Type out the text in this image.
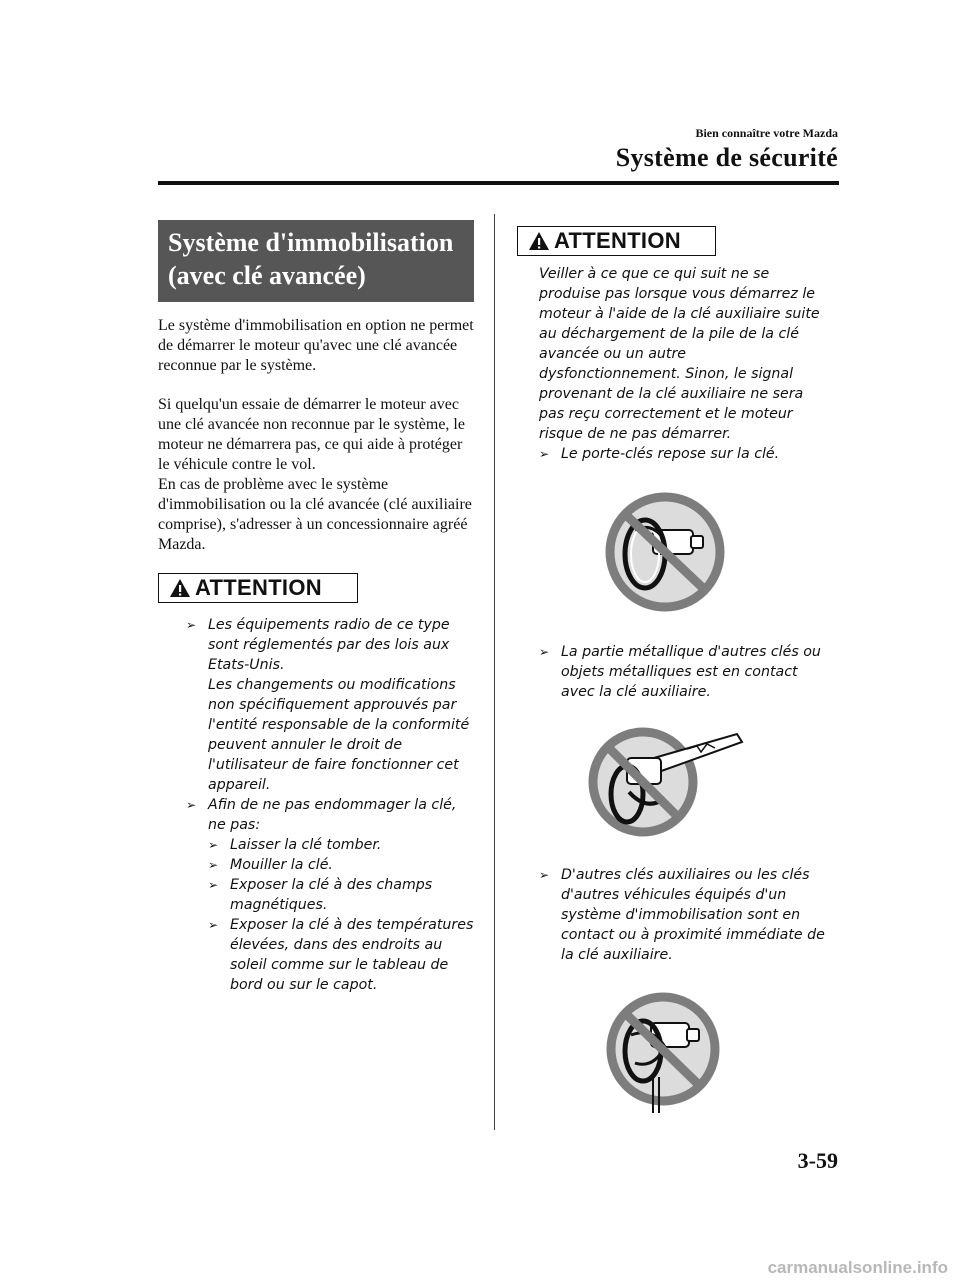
Bien connaître votre Mazda
Système de sécurité
Système d'immobilisation
(avec clé avancée)

Le système d'immobilisation en option ne permet de démarrer le moteur qu'avec une clé avancée reconnue par le système.

Si quelqu'un essaie de démarrer le moteur avec une clé avancée non reconnue par le système, le moteur ne démarrera pas, ce qui aide à protéger le véhicule contre le vol.

En cas de problème avec le système d'immobilisation ou la clé avancée (clé auxiliaire comprise), s'adresser à un concessionnaire agréé Mazda.

ATTENTION
➢ Les équipements radio de ce type sont réglementés par des lois aux Etats-Unis.
Les changements ou modifications non spécifiquement approuvés par l'entité responsable de la conformité peuvent annuler le droit de l'utilisateur de faire fonctionner cet appareil.
➢ Afin de ne pas endommager la clé, ne pas:
➢ Laisser la clé tomber.
➢ Mouiller la clé.
➢ Exposer la clé à des champs magnétiques.
➢ Exposer la clé à des températures élevées, dans des endroits au soleil comme sur le tableau de bord ou sur le capot.
ATTENTION
Veiller à ce que ce qui suit ne se produise pas lorsque vous démarrez le moteur à l'aide de la clé auxiliaire suite au déchargement de la pile de la clé avancée ou un autre dysfonctionnement. Sinon, le signal provenant de la clé auxiliaire ne sera pas reçu correctement et le moteur risque de ne pas démarrer.
➢ Le porte-clés repose sur la clé.
➢ La partie métallique d'autres clés ou objets métalliques est en contact avec la clé auxiliaire.
➢ D'autres clés auxiliaires ou les clés d'autres véhicules équipés d'un système d'immobilisation sont en contact ou à proximité immédiate de la clé auxiliaire.
3-59
carmanualsonline.info
